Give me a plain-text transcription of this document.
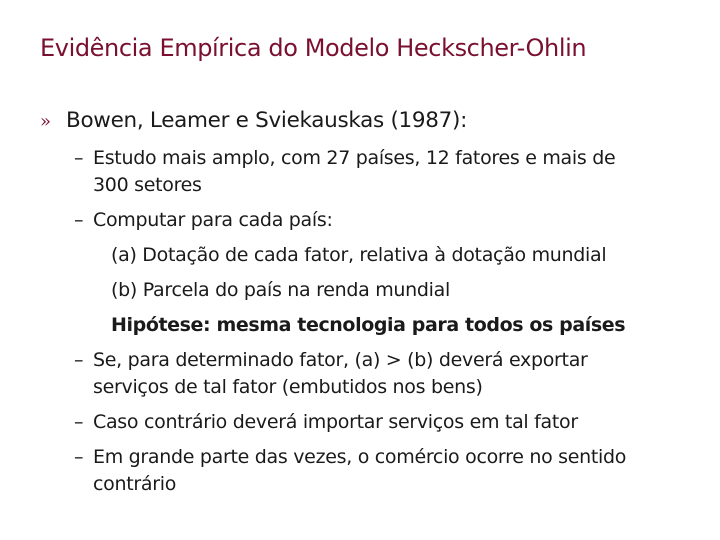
Evidência Empírica do Modelo Heckscher-Ohlin
» Bowen, Leamer e Sviekauskas (1987):
– Estudo mais amplo, com 27 países, 12 fatores e mais de
300 setores
– Computar para cada país:
(a) Dotação de cada fator, relativa à dotação mundial
(b) Parcela do país na renda mundial
Hipótese: mesma tecnologia para todos os países
– Se, para determinado fator, (a) > (b) deverá exportar
serviços de tal fator (embutidos nos bens)
– Caso contrário deverá importar serviços em tal fator
– Em grande parte das vezes, o comércio ocorre no sentido
contrário
